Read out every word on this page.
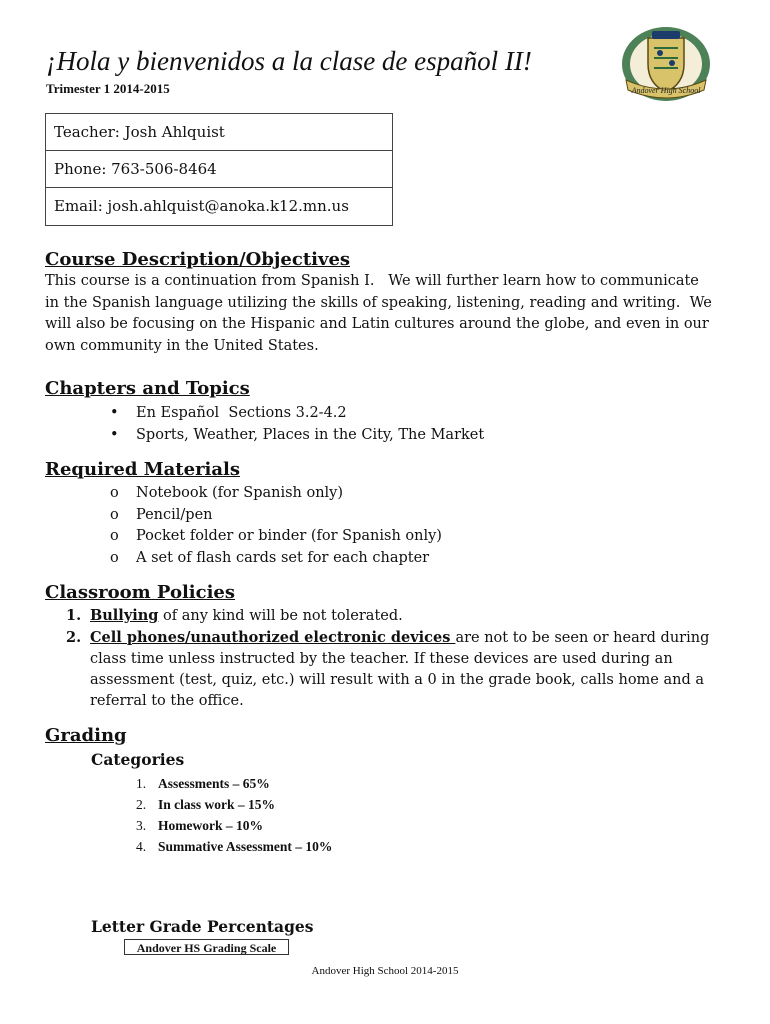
¡Hola y bienvenidos a la clase de español II!
Trimester 1 2014-2015	Andover High School
Teacher: Josh Ahlquist
Phone: 763-506-8464
Email: josh.ahlquist@anoka.k12.mn.us
Course Description/Objectives
This course is a continuation from Spanish I.   We will further learn how to communicate
in the Spanish language utilizing the skills of speaking, listening, reading and writing.  We
will also be focusing on the Hispanic and Latin cultures around the globe, and even in our
own community in the United States.
Chapters and Topics
• En Español  Sections 3.2-4.2
• Sports, Weather, Places in the City, The Market
Required Materials
o Notebook (for Spanish only)
o Pencil/pen
o Pocket folder or binder (for Spanish only)
o A set of flash cards set for each chapter
Classroom Policies
1. Bullying of any kind will be not tolerated.
2. Cell phones/unauthorized electronic devices are not to be seen or heard during class time unless instructed by the teacher. If these devices are used during an assessment (test, quiz, etc.) will result with a 0 in the grade book, calls home and a referral to the office.
Grading
Categories
1. Assessments – 65%
2. In class work – 15%
3. Homework – 10%
4. Summative Assessment – 10%
Letter Grade Percentages
Andover HS Grading Scale
Andover High School 2014-2015
